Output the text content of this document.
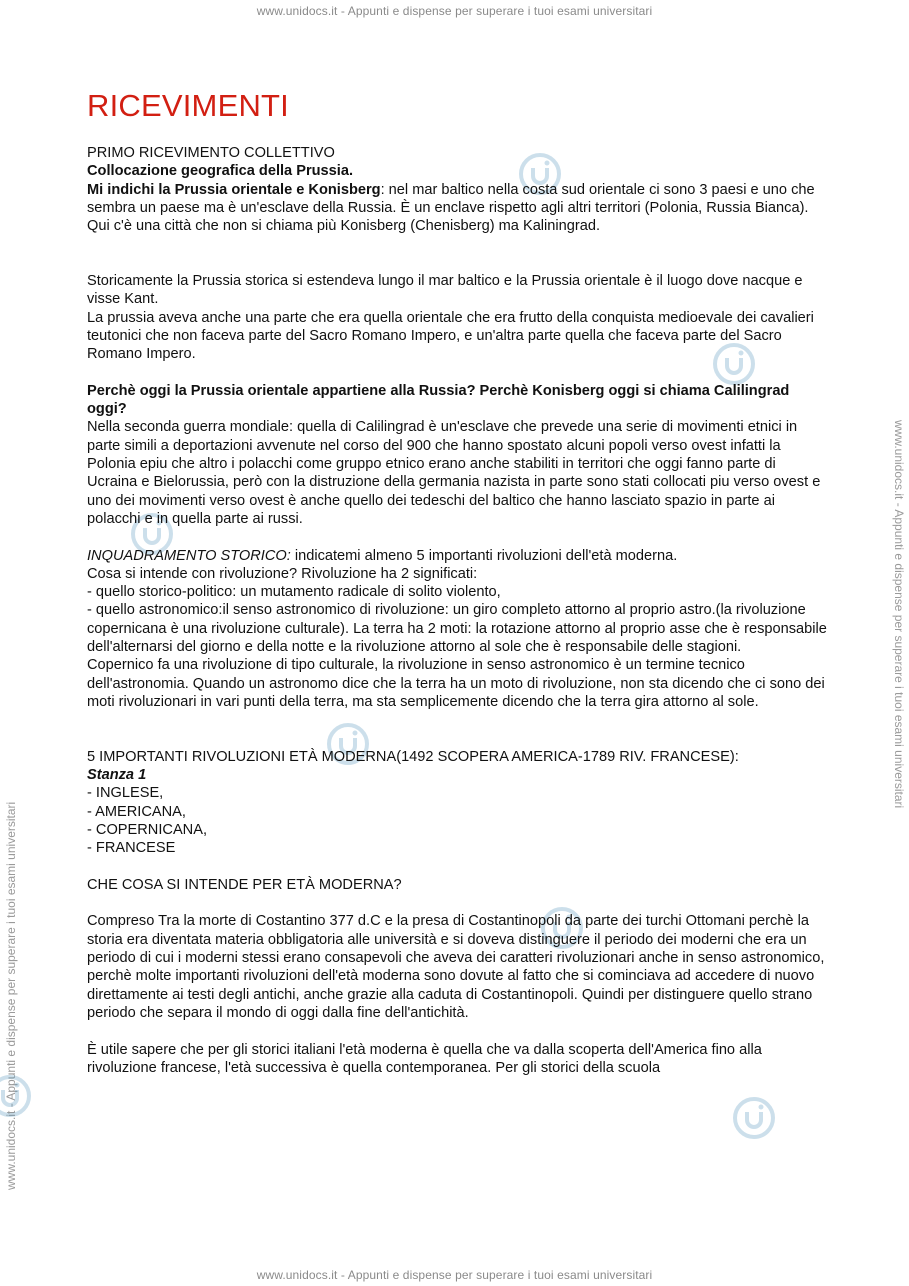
www.unidocs.it - Appunti e dispense per superare i tuoi esami universitari
www.unidocs.it - Appunti e dispense per superare i tuoi esami universitari
www.unidocs.it - Appunti e dispense per superare i tuoi esami universitari
www.unidocs.it - Appunti e dispense per superare i tuoi esami universitari
RICEVIMENTI

PRIMO RICEVIMENTO COLLETTIVO

Collocazione geografica della Prussia.

Mi indichi la Prussia orientale e Konisberg: nel mar baltico nella costa sud orientale ci sono 3 paesi e uno che sembra un paese ma è un'esclave della Russia. È un enclave rispetto agli altri territori (Polonia, Russia Bianca). Qui c'è una città che non si chiama più Konisberg (Chenisberg) ma Kaliningrad.

Storicamente la Prussia storica si estendeva lungo il mar baltico e la Prussia orientale è il luogo dove nacque e visse Kant.

La prussia aveva anche una parte che era quella orientale che era frutto della conquista medioevale dei cavalieri teutonici che non faceva parte del Sacro Romano Impero, e un'altra parte quella che faceva parte del Sacro Romano Impero.

Perchè oggi la Prussia orientale appartiene alla Russia? Perchè Konisberg oggi si chiama Calilingrad oggi?

Nella seconda guerra mondiale: quella di Calilingrad è un'esclave che prevede una serie di movimenti etnici in parte simili a deportazioni avvenute nel corso del 900 che hanno spostato alcuni popoli verso ovest infatti la Polonia epiu che altro i polacchi come gruppo etnico erano anche stabiliti in territori che oggi fanno parte di Ucraina e Bielorussia, però con la distruzione della germania nazista in parte sono stati collocati piu verso ovest e uno dei movimenti verso ovest è anche quello dei tedeschi del baltico che hanno lasciato spazio in parte ai polacchi e in quella parte ai russi.

INQUADRAMENTO STORICO: indicatemi almeno 5 importanti rivoluzioni dell'età moderna.

Cosa si intende con rivoluzione? Rivoluzione ha 2 significati:

- quello storico-politico: un mutamento radicale di solito violento,

- quello astronomico:il senso astronomico di rivoluzione: un giro completo attorno al proprio astro.(la rivoluzione copernicana è una rivoluzione culturale). La terra ha 2 moti: la rotazione attorno al proprio asse che è responsabile dell'alternarsi del giorno e della notte e la rivoluzione attorno al sole che è responsabile delle stagioni.

Copernico fa una rivoluzione di tipo culturale, la rivoluzione in senso astronomico è un termine tecnico dell'astronomia. Quando un astronomo dice che la terra ha un moto di rivoluzione, non sta dicendo che ci sono dei moti rivoluzionari in vari punti della terra, ma sta semplicemente dicendo che la terra gira attorno al sole.

5 IMPORTANTI RIVOLUZIONI ETÀ MODERNA(1492 SCOPERA AMERICA-1789 RIV. FRANCESE):

Stanza 1

- INGLESE,

- AMERICANA,

- COPERNICANA,

- FRANCESE

CHE COSA SI INTENDE PER ETÀ MODERNA?

Compreso Tra la morte di Costantino 377 d.C e la presa di Costantinopoli da parte dei turchi Ottomani perchè la storia era diventata materia obbligatoria alle università e si doveva distinguere il periodo dei moderni che era un periodo di cui i moderni stessi erano consapevoli che aveva dei caratteri rivoluzionari anche in senso astronomico, perchè molte importanti rivoluzioni dell'età moderna sono dovute al fatto che si cominciava ad accedere di nuovo direttamente ai testi degli antichi, anche grazie alla caduta di Costantinopoli. Quindi per distinguere quello strano periodo che separa il mondo di oggi dalla fine dell'antichità.

È utile sapere che per gli storici italiani l'età moderna è quella che va dalla scoperta dell'America fino alla rivoluzione francese, l'età successiva è quella contemporanea. Per gli storici della scuola
